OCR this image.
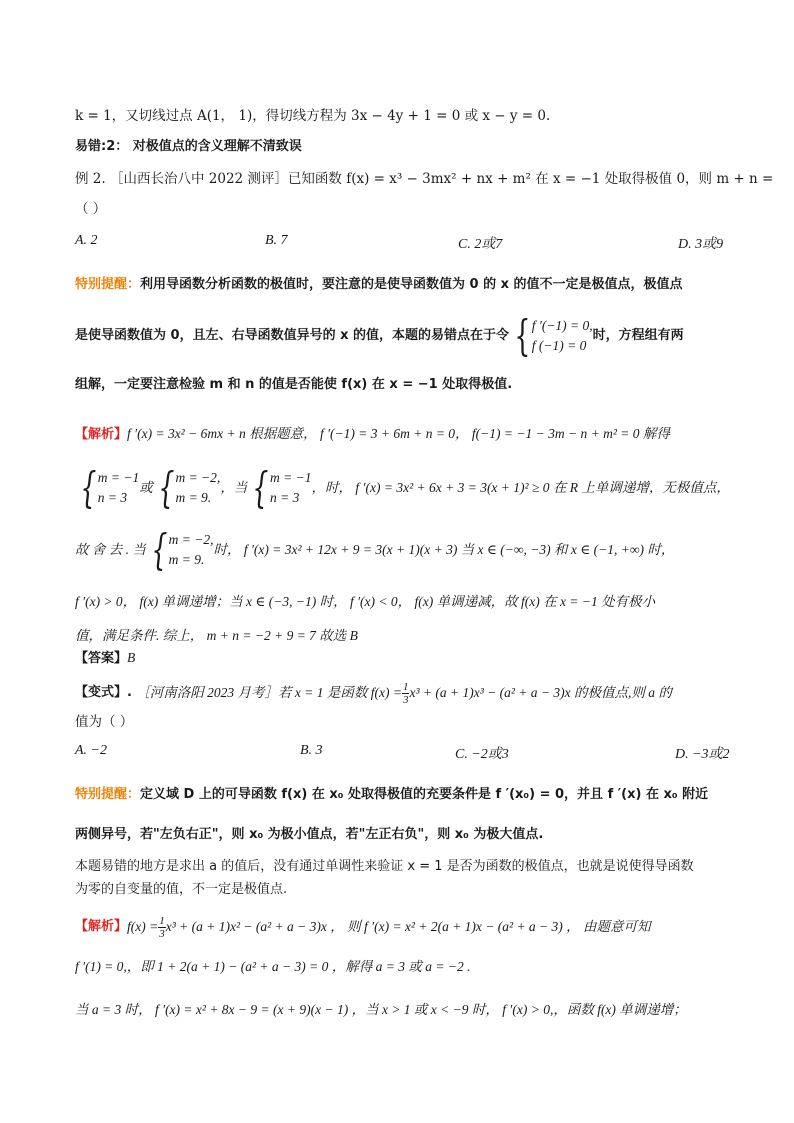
k = 1，又切线过点 A(1， 1)，得切线方程为 3x − 4y + 1 = 0 或 x − y = 0.
易错:2： 对极值点的含义理解不清致误
例 2. ［山西长治八中 2022 测评］已知函数 f(x) = x³ − 3mx² + nx + m² 在 x = −1 处取得极值 0，则 m + n =
（ ）
A. 2	B. 7	C. 2或7	D. 3或9
特别提醒：利用导函数分析函数的极值时，要注意的是使导函数值为 0 的 x 的值不一定是极值点，极值点
是使导函数值为 0，且左、右导函数值异号的 x 的值，本题的易错点在于令 { f ′(−1) = 0,
f (−1) = 0
时，方程组有两
组解，一定要注意检验 m 和 n 的值是否能使 f(x) 在 x = −1 处取得极值.
【解析】f ′(x) = 3x² − 6mx + n 根据题意， f ′(−1) = 3 + 6m + n = 0， f(−1) = −1 − 3m − n + m² = 0 解得
{ m = −1
n = 3
或 { m = −2,
m = 9.
，当 { m = −1
n = 3
，时， f ′(x) = 3x² + 6x + 3 = 3(x + 1)² ≥ 0 在 R 上单调递增，无极值点，
故 舍 去 . 当 { m = −2,
m = 9.
时， f ′(x) = 3x² + 12x + 9 = 3(x + 1)(x + 3) 当 x ∈ (−∞, −3) 和 x ∈ (−1, +∞) 时，
f ′(x) > 0， f(x) 单调递增；当 x ∈ (−3, −1) 时， f ′(x) < 0， f(x) 单调递减，故 f(x) 在 x = −1 处有极小
值，满足条件. 综上， m + n = −2 + 9 = 7 故选 B
【答案】B
【变式】.
［河南洛阳 2023 月考］若 x = 1 是函数 $f(x) = \frac{1}{3} x^3 + (a + 1)x^3 - (a^2 + a - 3)x$ 的极值点,则 a 的
值为（ ）
A. −2	B. 3	C. −2或3	D. −3或2
特别提醒：定义域 D 上的可导函数 f(x) 在 x₀ 处取得极值的充要条件是 f ′(x₀) = 0，并且 f ′(x) 在 x₀ 附近
两侧异号，若"左负右正"，则 x₀ 为极小值点，若"左正右负"，则 x₀ 为极大值点.
本题易错的地方是求出 a 的值后，没有通过单调性来验证 x = 1 是否为函数的极值点，也就是说使得导函数
为零的自变量的值，不一定是极值点.
【解析】 $f(x) = \frac{1}{3} x^3 + (a + 1)x^2 - (a^2 + a - 3)x$ ， 则 f ′(x) = x² + 2(a + 1)x − (a² + a − 3) ， 由题意可知
f ′(1) = 0,，即 1 + 2(a + 1) − (a² + a − 3) = 0 ，解得 a = 3 或 a = −2 .
当 a = 3 时， f ′(x) = x² + 8x − 9 = (x + 9)(x − 1) ，当 x > 1 或 x < −9 时， f ′(x) > 0,，函数 f(x) 单调递增；
